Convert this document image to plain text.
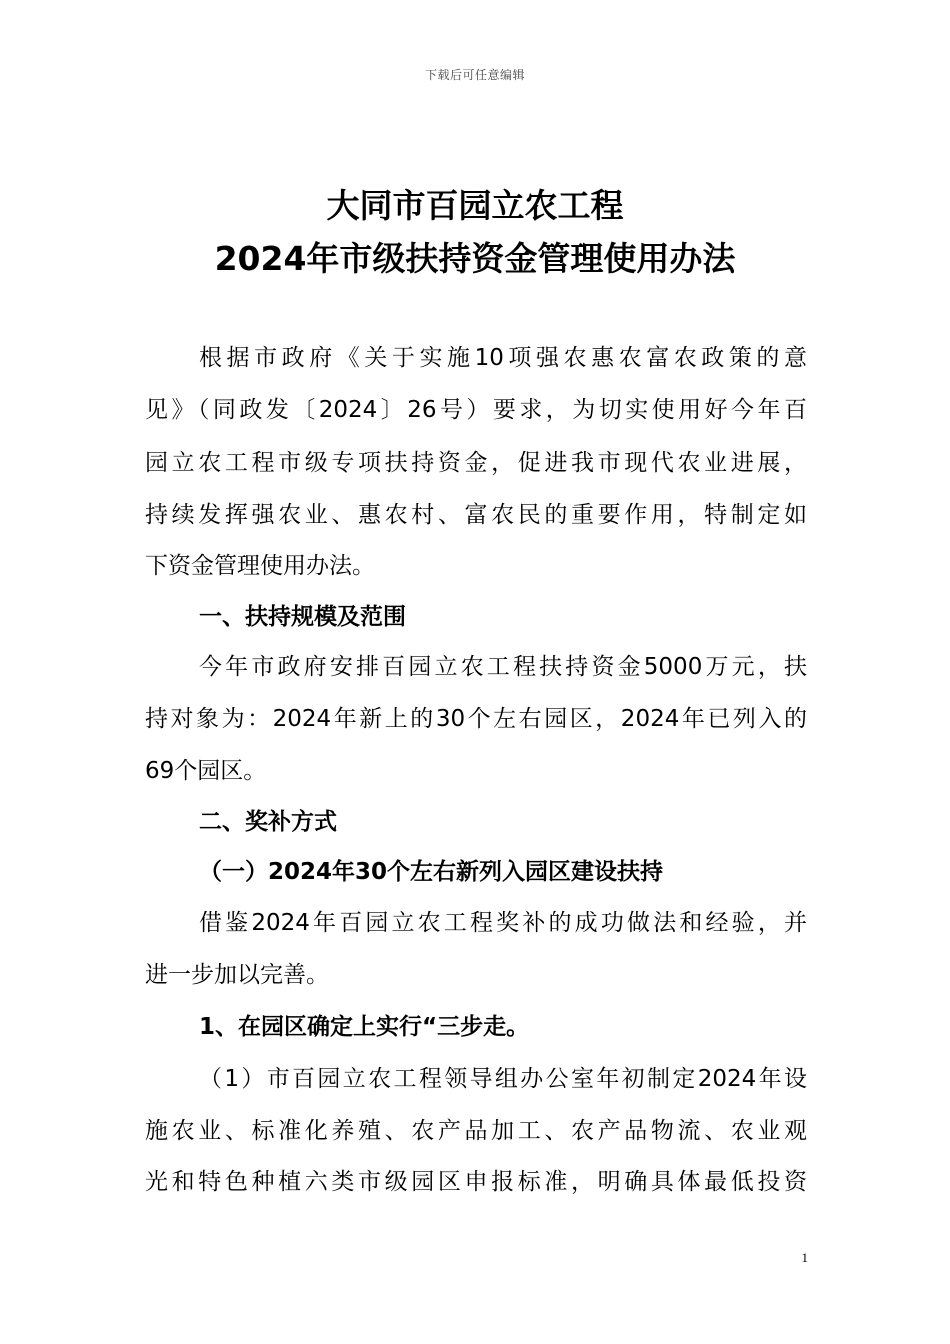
下载后可任意编辑
大同市百园立农工程
2024年市级扶持资金管理使用办法
根据市政府《关于实施10项强农惠农富农政策的意
见》（同政发〔2024〕26号）要求，为切实使用好今年百
园立农工程市级专项扶持资金，促进我市现代农业进展，
持续发挥强农业、惠农村、富农民的重要作用，特制定如
下资金管理使用办法。
一、扶持规模及范围
今年市政府安排百园立农工程扶持资金5000万元，扶
持对象为：2024年新上的30个左右园区，2024年已列入的
69个园区。
二、奖补方式
（一）2024年30个左右新列入园区建设扶持
借鉴2024年百园立农工程奖补的成功做法和经验，并
进一步加以完善。
1、在园区确定上实行“三步走。
（1）市百园立农工程领导组办公室年初制定2024年设
施农业、标准化养殖、农产品加工、农产品物流、农业观
光和特色种植六类市级园区申报标准，明确具体最低投资
1
